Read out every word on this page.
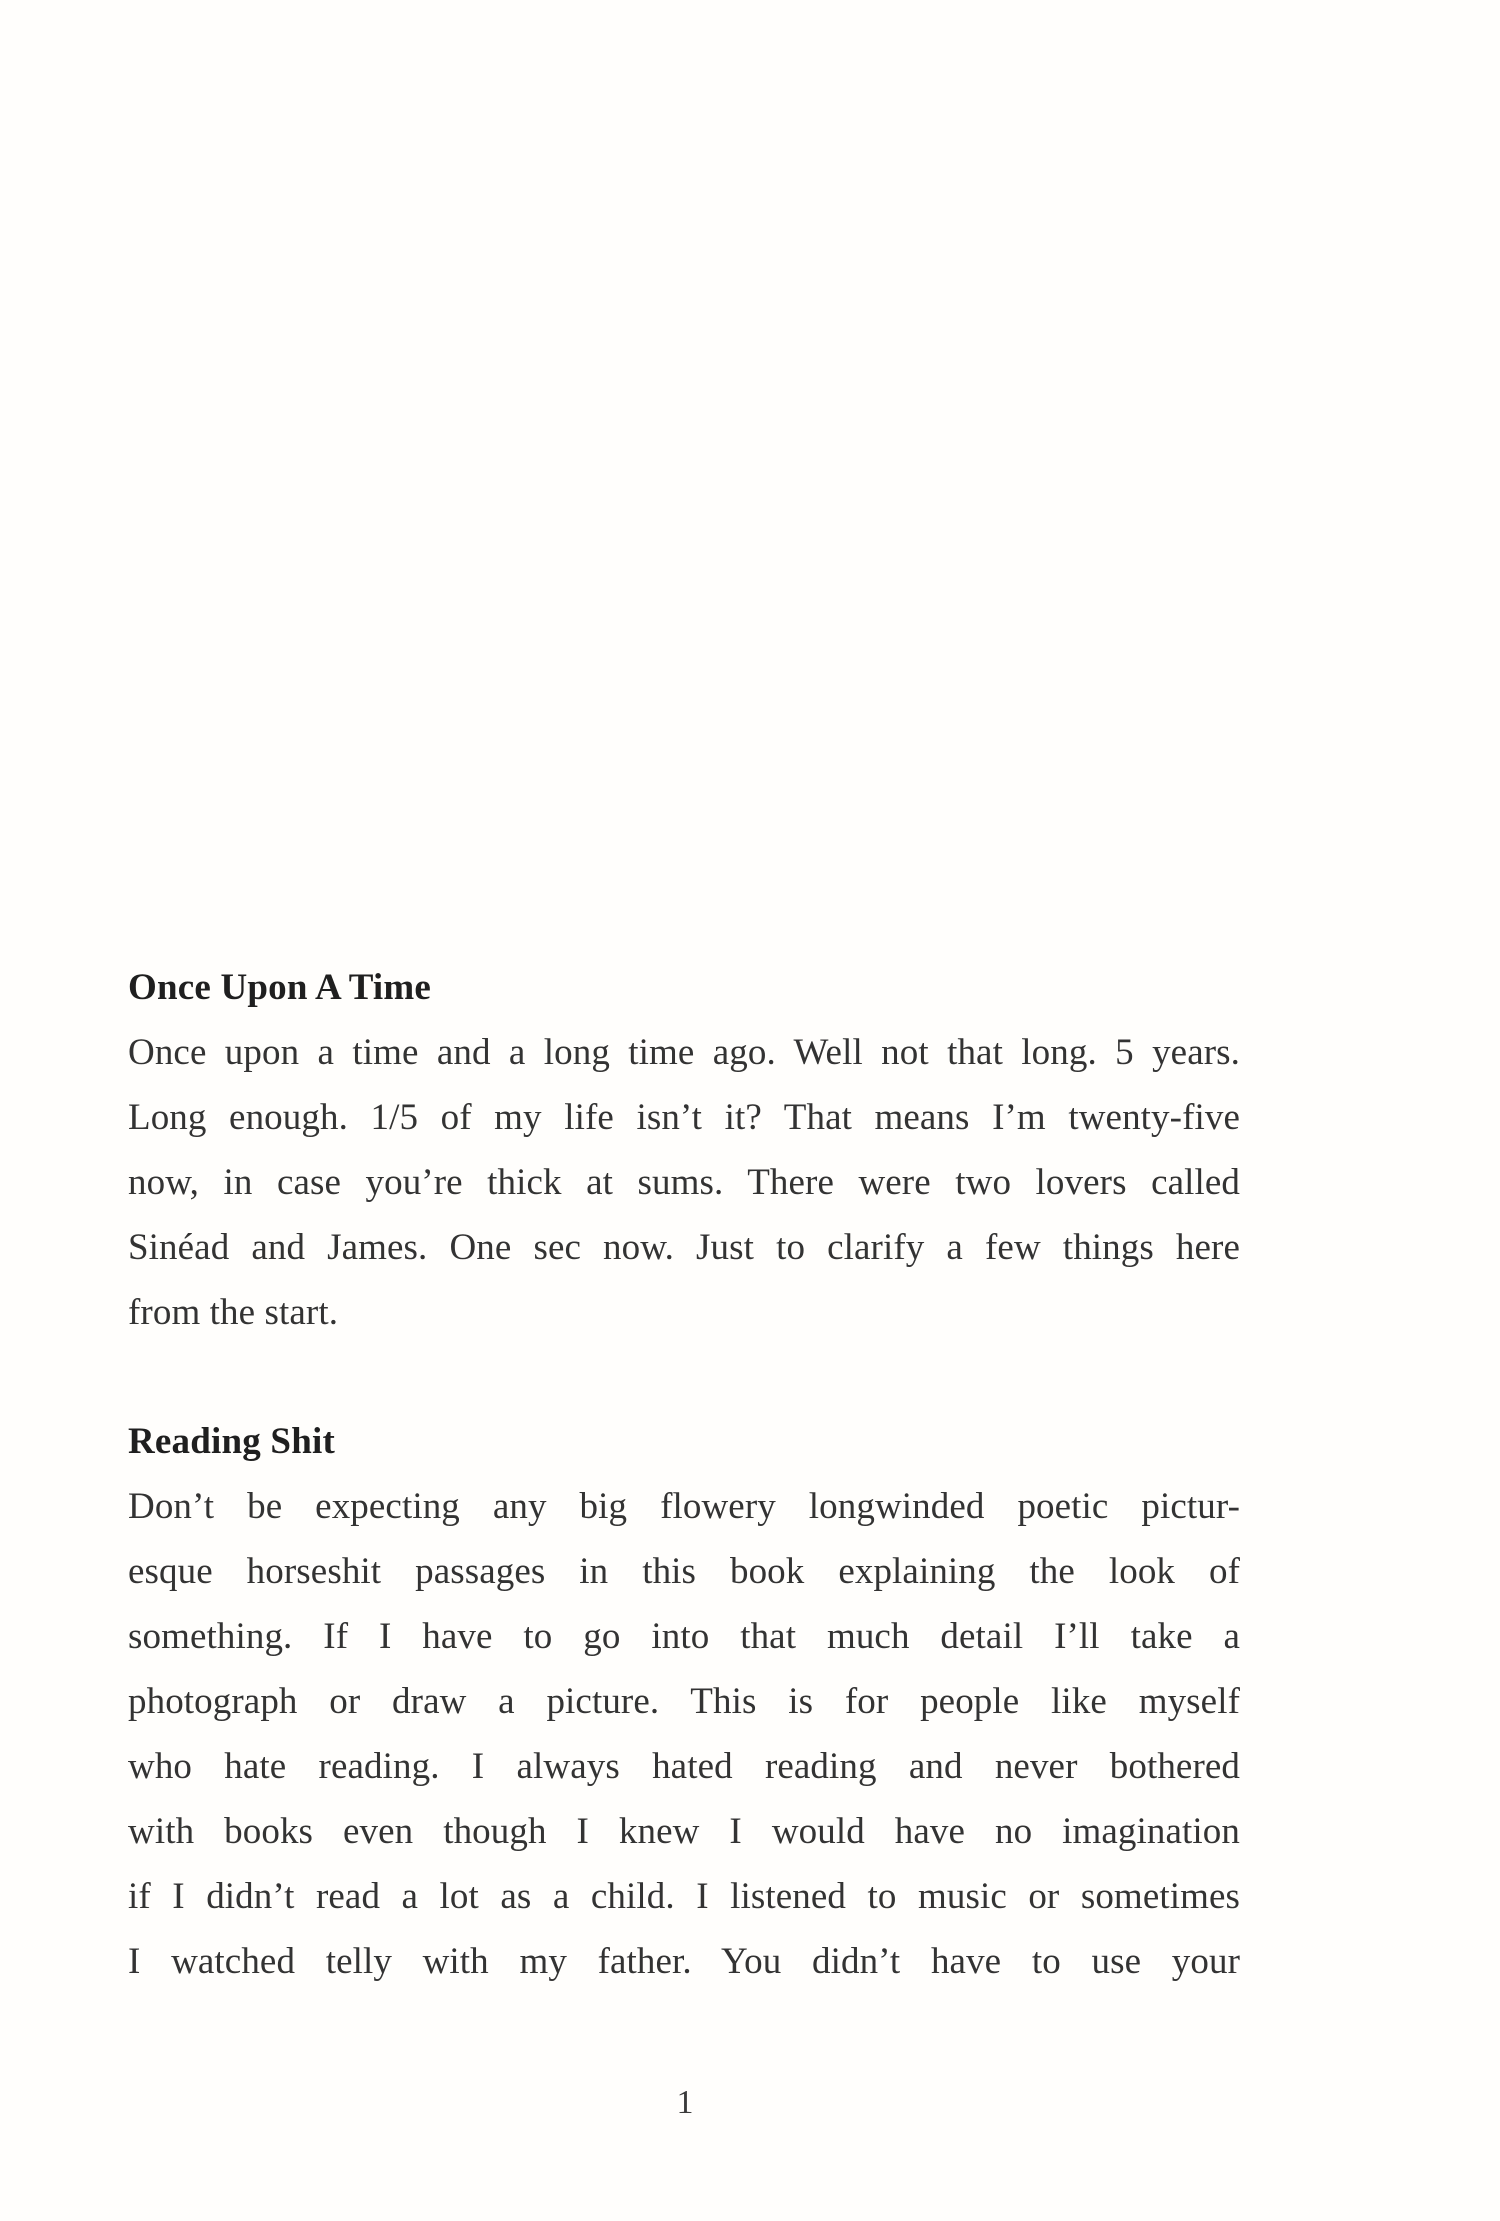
Once Upon A Time

Once upon a time and a long time ago. Well not that long. 5 years.
Long enough. 1/5 of my life isn’t it? That means I’m twenty-five
now, in case you’re thick at sums. There were two lovers called
Sinéad and James. One sec now. Just to clarify a few things here
from the start.

Reading Shit

Don’t be expecting any big flowery longwinded poetic pictur-
esque horseshit passages in this book explaining the look of
something. If I have to go into that much detail I’ll take a
photograph or draw a picture. This is for people like myself
who hate reading. I always hated reading and never bothered
with books even though I knew I would have no imagination
if I didn’t read a lot as a child. I listened to music or sometimes
I watched telly with my father. You didn’t have to use your

1
